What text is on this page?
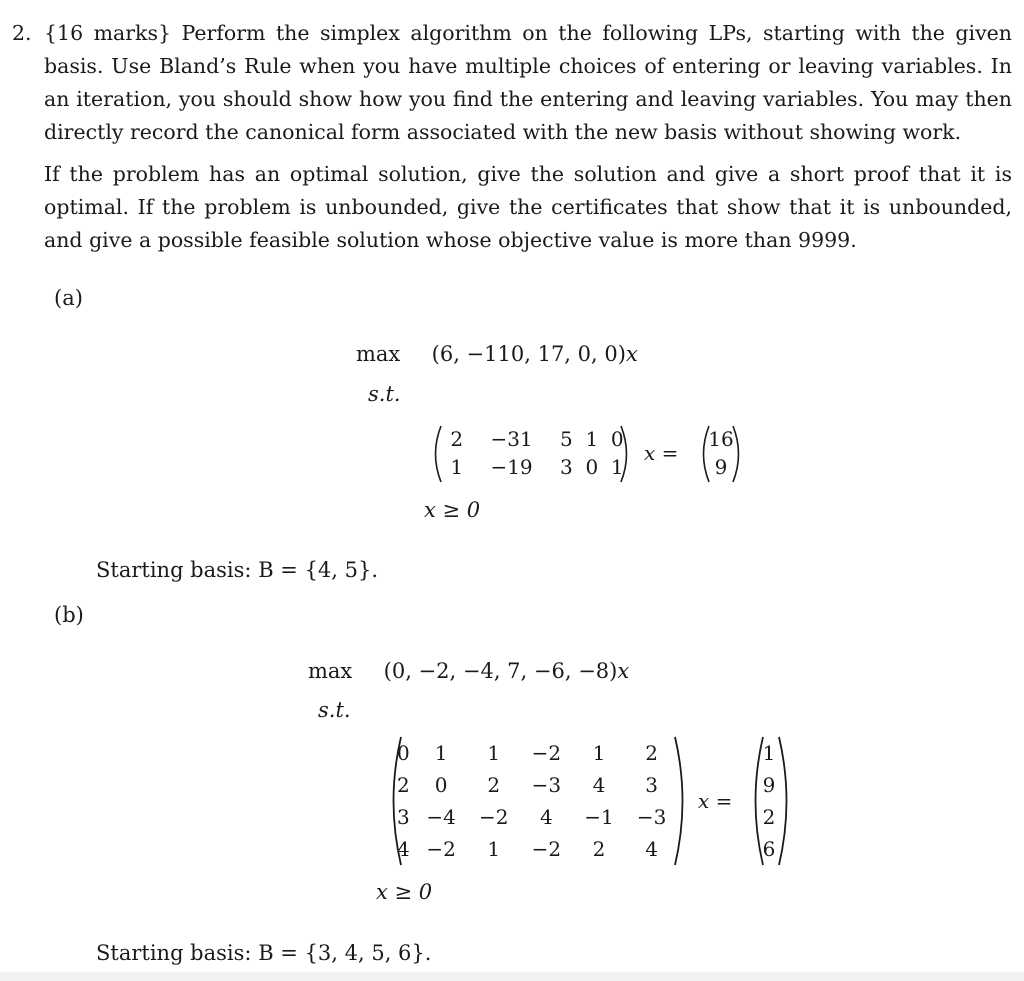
2. {16 marks} Perform the simplex algorithm on the following LPs, starting with the given basis. Use Bland’s Rule when you have multiple choices of entering or leaving variables. In an iteration, you should show how you find the entering and leaving variables. You may then directly record the canonical form associated with the new basis without showing work.
If the problem has an optimal solution, give the solution and give a short proof that it is optimal. If the problem is unbounded, give the certificates that show that it is unbounded, and give a possible feasible solution whose objective value is more than 9999.
(a)
max (6, −110, 17, 0, 0)x
s.t.
2	−31	5	1	0
1	−19	3	0	1
x =
16
9
x ≥ 0
Starting basis: B = {4, 5}.
(b)
max (0, −2, −4, 7, −6, −8)x
s.t.
0	1	1	−2	1	2
2	0	2	−3	4	3
3	−4	−2	4	−1	−3
4	−2	1	−2	2	4
x =
1
9
2
6
x ≥ 0
Starting basis: B = {3, 4, 5, 6}.
